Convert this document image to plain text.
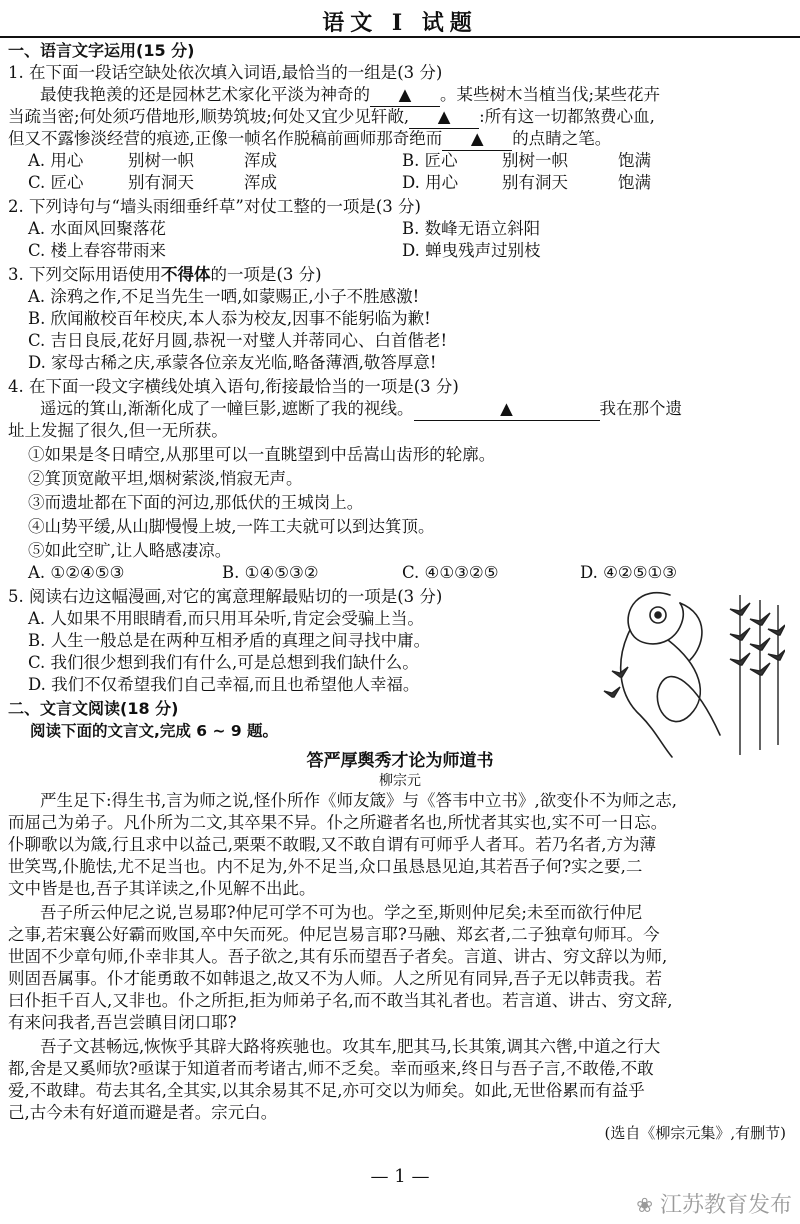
语文 Ⅰ 试题
一、语言文字运用(15 分)
1. 在下面一段话空缺处依次填入词语,最恰当的一组是(3 分)
最使我艳羡的还是园林艺术家化平淡为神奇的 ▲ 。某些树木当植当伐;某些花卉
当疏当密;何处须巧借地形,顺势筑坡;何处又宜少见轩敞, ▲ :所有这一切都煞费心血,
但又不露惨淡经营的痕迹,正像一帧名作脱稿前画师那奇绝而 ▲ 的点睛之笔。
A. 用心	别树一帜	浑成	B. 匠心	别树一帜	饱满
C. 匠心	别有洞天	浑成	D. 用心	别有洞天	饱满
2. 下列诗句与“墙头雨细垂纤草”对仗工整的一项是(3 分)
A. 水面风回聚落花	B. 数峰无语立斜阳
C. 楼上春容带雨来	D. 蝉曳残声过别枝
3. 下列交际用语使用不得体的一项是(3 分)
A. 涂鸦之作,不足当先生一哂,如蒙赐正,小子不胜感激!
B. 欣闻敝校百年校庆,本人忝为校友,因事不能躬临为歉!
C. 吉日良辰,花好月圆,恭祝一对璧人并蒂同心、白首偕老!
D. 家母古稀之庆,承蒙各位亲友光临,略备薄酒,敬答厚意!
4. 在下面一段文字横线处填入语句,衔接最恰当的一项是(3 分)
遥远的箕山,渐渐化成了一幢巨影,遮断了我的视线。	▲	我在那个遗
址上发掘了很久,但一无所获。
①如果是冬日晴空,从那里可以一直眺望到中岳嵩山齿形的轮廓。
②箕顶宽敞平坦,烟树萦淡,悄寂无声。
③而遗址都在下面的河边,那低伏的王城岗上。
④山势平缓,从山脚慢慢上坡,一阵工夫就可以到达箕顶。
⑤如此空旷,让人略感凄凉。
A. ①②④⑤③	B. ①④⑤③②	C. ④①③②⑤	D. ④②⑤①③
5. 阅读右边这幅漫画,对它的寓意理解最贴切的一项是(3 分)
A. 人如果不用眼睛看,而只用耳朵听,肯定会受骗上当。
B. 人生一般总是在两种互相矛盾的真理之间寻找中庸。
C. 我们很少想到我们有什么,可是总想到我们缺什么。
D. 我们不仅希望我们自己幸福,而且也希望他人幸福。
二、文言文阅读(18 分)
阅读下面的文言文,完成 6 ~ 9 题。
答严厚舆秀才论为师道书
柳宗元
严生足下:得生书,言为师之说,怪仆所作《师友箴》与《答韦中立书》,欲变仆不为师之志,
而屈己为弟子。凡仆所为二文,其卒果不异。仆之所避者名也,所忧者其实也,实不可一日忘。
仆聊歌以为箴,行且求中以益己,栗栗不敢暇,又不敢自谓有可师乎人者耳。若乃名者,方为薄
世笑骂,仆脆怯,尤不足当也。内不足为,外不足当,众口虽恳恳见迫,其若吾子何?实之要,二
文中皆是也,吾子其详读之,仆见解不出此。
吾子所云仲尼之说,岂易耶?仲尼可学不可为也。学之至,斯则仲尼矣;未至而欲行仲尼
之事,若宋襄公好霸而败国,卒中矢而死。仲尼岂易言耶?马融、郑玄者,二子独章句师耳。今
世固不少章句师,仆幸非其人。吾子欲之,其有乐而望吾子者矣。言道、讲古、穷文辞以为师,
则固吾属事。仆才能勇敢不如韩退之,故又不为人师。人之所见有同异,吾子无以韩责我。若
曰仆拒千百人,又非也。仆之所拒,拒为师弟子名,而不敢当其礼者也。若言道、讲古、穷文辞,
有来问我者,吾岂尝瞋目闭口耶?
吾子文甚畅远,恢恢乎其辟大路将疾驰也。攻其车,肥其马,长其策,调其六辔,中道之行大
都,舍是又奚师欤?亟谋于知道者而考诸古,师不乏矣。幸而亟来,终日与吾子言,不敢倦,不敢
爱,不敢肆。苟去其名,全其实,以其余易其不足,亦可交以为师矣。如此,无世俗累而有益乎
己,古今未有好道而避是者。宗元白。
(选自《柳宗元集》,有删节)
— 1 —
❀ 江苏教育发布
